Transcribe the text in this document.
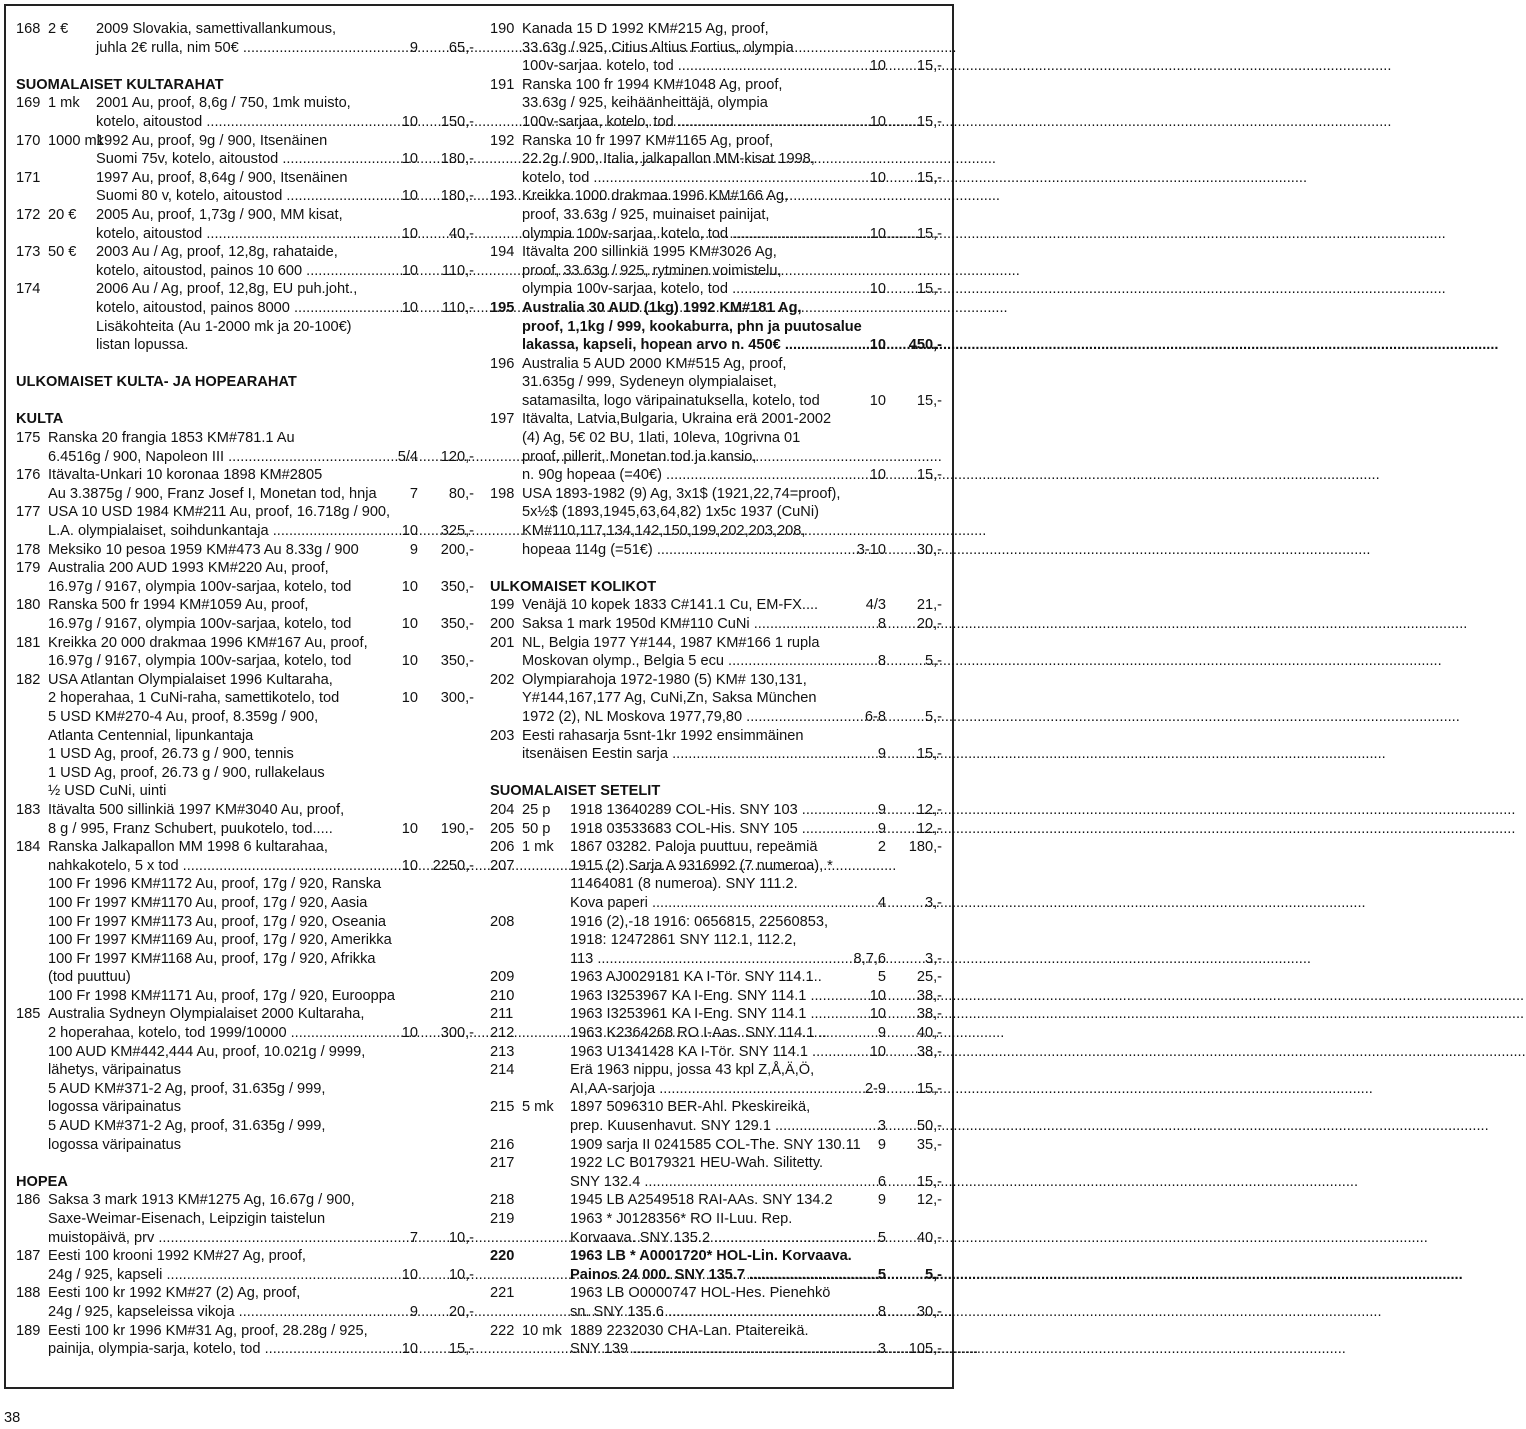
168 2 €	2009 Slovakia, samettivallankumous,
juhla 2€ rulla, nim 50€ .....	9	65,-

SUOMALAISET KULTARAHAT
169 1 mk	2001 Au, proof, 8,6g / 750, 1mk muisto,
kotelo, aitoustod .....	10	150,-
170 1000 mk
1992 Au, proof, 9g / 900, Itsenäinen
Suomi 75v, kotelo, aitoustod .....	10	180,-
171	1997 Au, proof, 8,64g / 900, Itsenäinen
Suomi 80 v, kotelo, aitoustod .....	10	180,-
172 20 €	2005 Au, proof, 1,73g / 900, MM kisat,
kotelo, aitoustod .....	10	40,-
173 50 €	2003 Au / Ag, proof, 12,8g, rahataide,
kotelo, aitoustod, painos 10 600 .....	10	110,-
174	2006 Au / Ag, proof, 12,8g, EU puh.joht.,
kotelo, aitoustod, painos 8000 .....	10	110,-
Lisäkohteita (Au 1-2000 mk ja 20-100€)
listan lopussa.

ULKOMAISET KULTA- JA HOPEARAHAT

KULTA
175 Ranska 20 frangia 1853 KM#781.1 Au
6.4516g / 900, Napoleon III .....	5/4	120,-
176 Itävalta-Unkari 10 koronaa 1898 KM#2805
Au 3.3875g / 900, Franz Josef I, Monetan tod, hnja	7	80,-
177 USA 10 USD 1984 KM#211 Au, proof, 16.718g / 900,
L.A. olympialaiset, soihdunkantaja .....	10	325,-
178 Meksiko 10 pesoa 1959 KM#473 Au 8.33g / 900	9	200,-
179 Australia 200 AUD 1993 KM#220 Au, proof,
16.97g / 9167, olympia 100v-sarjaa, kotelo, tod	10	350,-
180 Ranska 500 fr 1994 KM#1059 Au, proof,
16.97g / 9167, olympia 100v-sarjaa, kotelo, tod	10	350,-
181 Kreikka 20 000 drakmaa 1996 KM#167 Au, proof,
16.97g / 9167, olympia 100v-sarjaa, kotelo, tod	10	350,-
182 USA Atlantan Olympialaiset 1996 Kultaraha,
2 hoperahaa, 1 CuNi-raha, samettikotelo, tod	10	300,-
5 USD KM#270-4 Au, proof, 8.359g / 900,
Atlanta Centennial, lipunkantaja
1 USD Ag, proof, 26.73 g / 900, tennis
1 USD Ag, proof, 26.73 g / 900, rullakelaus
½ USD CuNi, uinti
183 Itävalta 500 sillinkiä 1997 KM#3040 Au, proof,
8 g / 995, Franz Schubert, puukotelo, tod.....	10	190,-
184 Ranska Jalkapallon MM 1998 6 kultarahaa,
nahkakotelo, 5 x tod .....	10	2250,-
100 Fr 1996 KM#1172 Au, proof, 17g / 920, Ranska
100 Fr 1997 KM#1170 Au, proof, 17g / 920, Aasia
100 Fr 1997 KM#1173 Au, proof, 17g / 920, Oseania
100 Fr 1997 KM#1169 Au, proof, 17g / 920, Amerikka
100 Fr 1997 KM#1168 Au, proof, 17g / 920, Afrikka
(tod puuttuu)
100 Fr 1998 KM#1171 Au, proof, 17g / 920, Eurooppa
185 Australia Sydneyn Olympialaiset 2000 Kultaraha,
2 hoperahaa, kotelo, tod 1999/10000 .....	10	300,-
100 AUD KM#442,444 Au, proof, 10.021g / 9999,
lähetys, väripainatus
5 AUD KM#371-2 Ag, proof, 31.635g / 999,
logossa väripainatus
5 AUD KM#371-2 Ag, proof, 31.635g / 999,
logossa väripainatus

HOPEA
186 Saksa 3 mark 1913 KM#1275 Ag, 16.67g / 900,
Saxe-Weimar-Eisenach, Leipzigin taistelun
muistopäivä, prv .....	7	10,-
187 Eesti 100 krooni 1992 KM#27 Ag, proof,
24g / 925, kapseli .....	10	10,-
188 Eesti 100 kr 1992 KM#27 (2) Ag, proof,
24g / 925, kapseleissa vikoja .....	9	20,-
189 Eesti 100 kr 1996 KM#31 Ag, proof, 28.28g / 925,
painija, olympia-sarja, kotelo, tod .....	10	15,-
190 Kanada 15 D 1992 KM#215 Ag, proof,
33.63g / 925, Citius Altius Fortius, olympia
100v-sarjaa. kotelo, tod .....	10	15,-
191 Ranska 100 fr 1994 KM#1048 Ag, proof,
33.63g / 925, keihäänheittäjä, olympia
100v-sarjaa, kotelo, tod .....	10	15,-
192 Ranska 10 fr 1997 KM#1165 Ag, proof,
22.2g / 900, Italia, jalkapallon MM-kisat 1998,
kotelo, tod .....	10	15,-
193 Kreikka 1000 drakmaa 1996 KM#166 Ag,
proof, 33.63g / 925, muinaiset painijat,
olympia 100v-sarjaa, kotelo, tod .....	10	15,-
194 Itävalta 200 sillinkiä 1995 KM#3026 Ag,
proof, 33.63g / 925, rytminen voimistelu,
olympia 100v-sarjaa, kotelo, tod .....	10	15,-
195 Australia 30 AUD (1kg) 1992 KM#181 Ag,
proof, 1,1kg / 999, kookaburra, phn ja puutosalue
lakassa, kapseli, hopean arvo n. 450€ .....	10	450,-
196 Australia 5 AUD 2000 KM#515 Ag, proof,
31.635g / 999, Sydeneyn olympialaiset,
satamasilta, logo väripainatuksella, kotelo, tod	10	15,-
197 Itävalta, Latvia,Bulgaria, Ukraina erä 2001-2002
(4) Ag, 5€ 02 BU, 1lati, 10leva, 10grivna 01
proof, pillerit, Monetan tod ja kansio,
n. 90g hopeaa (=40€) .....	10	15,-
198 USA 1893-1982 (9) Ag, 3x1$ (1921,22,74=proof),
5x½$ (1893,1945,63,64,82) 1x5c 1937 (CuNi)
KM#110,117,134,142,150,199,202,203,208,
hopeaa 114g (=51€) .....	3-10	30,-

ULKOMAISET KOLIKOT
199 Venäjä 10 kopek 1833 C#141.1 Cu, EM-FX....	4/3	21,-
200 Saksa 1 mark 1950d KM#110 CuNi .....	8	20,-
201 NL, Belgia 1977 Y#144, 1987 KM#166 1 rupla
Moskovan olymp., Belgia 5 ecu .....	8	5,-
202 Olympiarahoja 1972-1980 (5) KM# 130,131,
Y#144,167,177 Ag, CuNi,Zn, Saksa München
1972 (2), NL Moskova 1977,79,80 .....	6-8	5,-
203 Eesti rahasarja 5snt-1kr 1992 ensimmäinen
itsenäisen Eestin sarja .....	9	15,-

SUOMALAISET SETELIT
204 25 p	1918 13640289 COL-His. SNY 103 .....	9	12,-
205 50 p	1918 03533683 COL-His. SNY 105 .....	9	12,-
206 1 mk	1867 03282. Paloja puuttuu, repeämiä	2	180,-
207	1915 (2) Sarja A 9316992 (7 numeroa), *
11464081 (8 numeroa). SNY 111.2.
Kova paperi .....	4	3,-
208	1916 (2),-18 1916: 0656815, 22560853,
1918: 12472861 SNY 112.1, 112.2,
113 .....	8,7,6	3,-
209	1963 AJ0029181 KA I-Tör. SNY 114.1..	5	25,-
210	1963 I3253967 KA I-Eng. SNY 114.1 .....	10	38,-
211	1963 I3253961 KA I-Eng. SNY 114.1 .....	10	38,-
212	1963 K2364268 RO I-Aas. SNY 114.1 ..	9	40,-
213	1963 U1341428 KA I-Tör. SNY 114.1 .....	10	38,-
214	Erä 1963 nippu, jossa 43 kpl Z,Å,Ä,Ö,
AI,AA-sarjoja .....	2-9	15,-
215 5 mk	1897 5096310 BER-Ahl. Pkeskireikä,
prep. Kuusenhavut. SNY 129.1 .....	3	50,-
216	1909 sarja II 0241585 COL-The. SNY 130.11	9	35,-
217	1922 LC B0179321 HEU-Wah. Silitetty.
SNY 132.4 .....	6	15,-
218	1945 LB A2549518 RAI-AAs. SNY 134.2	9	12,-
219	1963 * J0128356* RO II-Luu. Rep.
Korvaava. SNY 135.2 .....	5	40,-
220	1963 LB * A0001720* HOL-Lin. Korvaava.
Painos 24 000. SNY 135.7 .....	5	5,-
221	1963 LB O0000747 HOL-Hes. Pienehkö
sn. SNY 135.6 .....	8	30,-
222 10 mk 1889 2232030 CHA-Lan. Ptaitereikä.
SNY 139 .....	3	105,-
38
